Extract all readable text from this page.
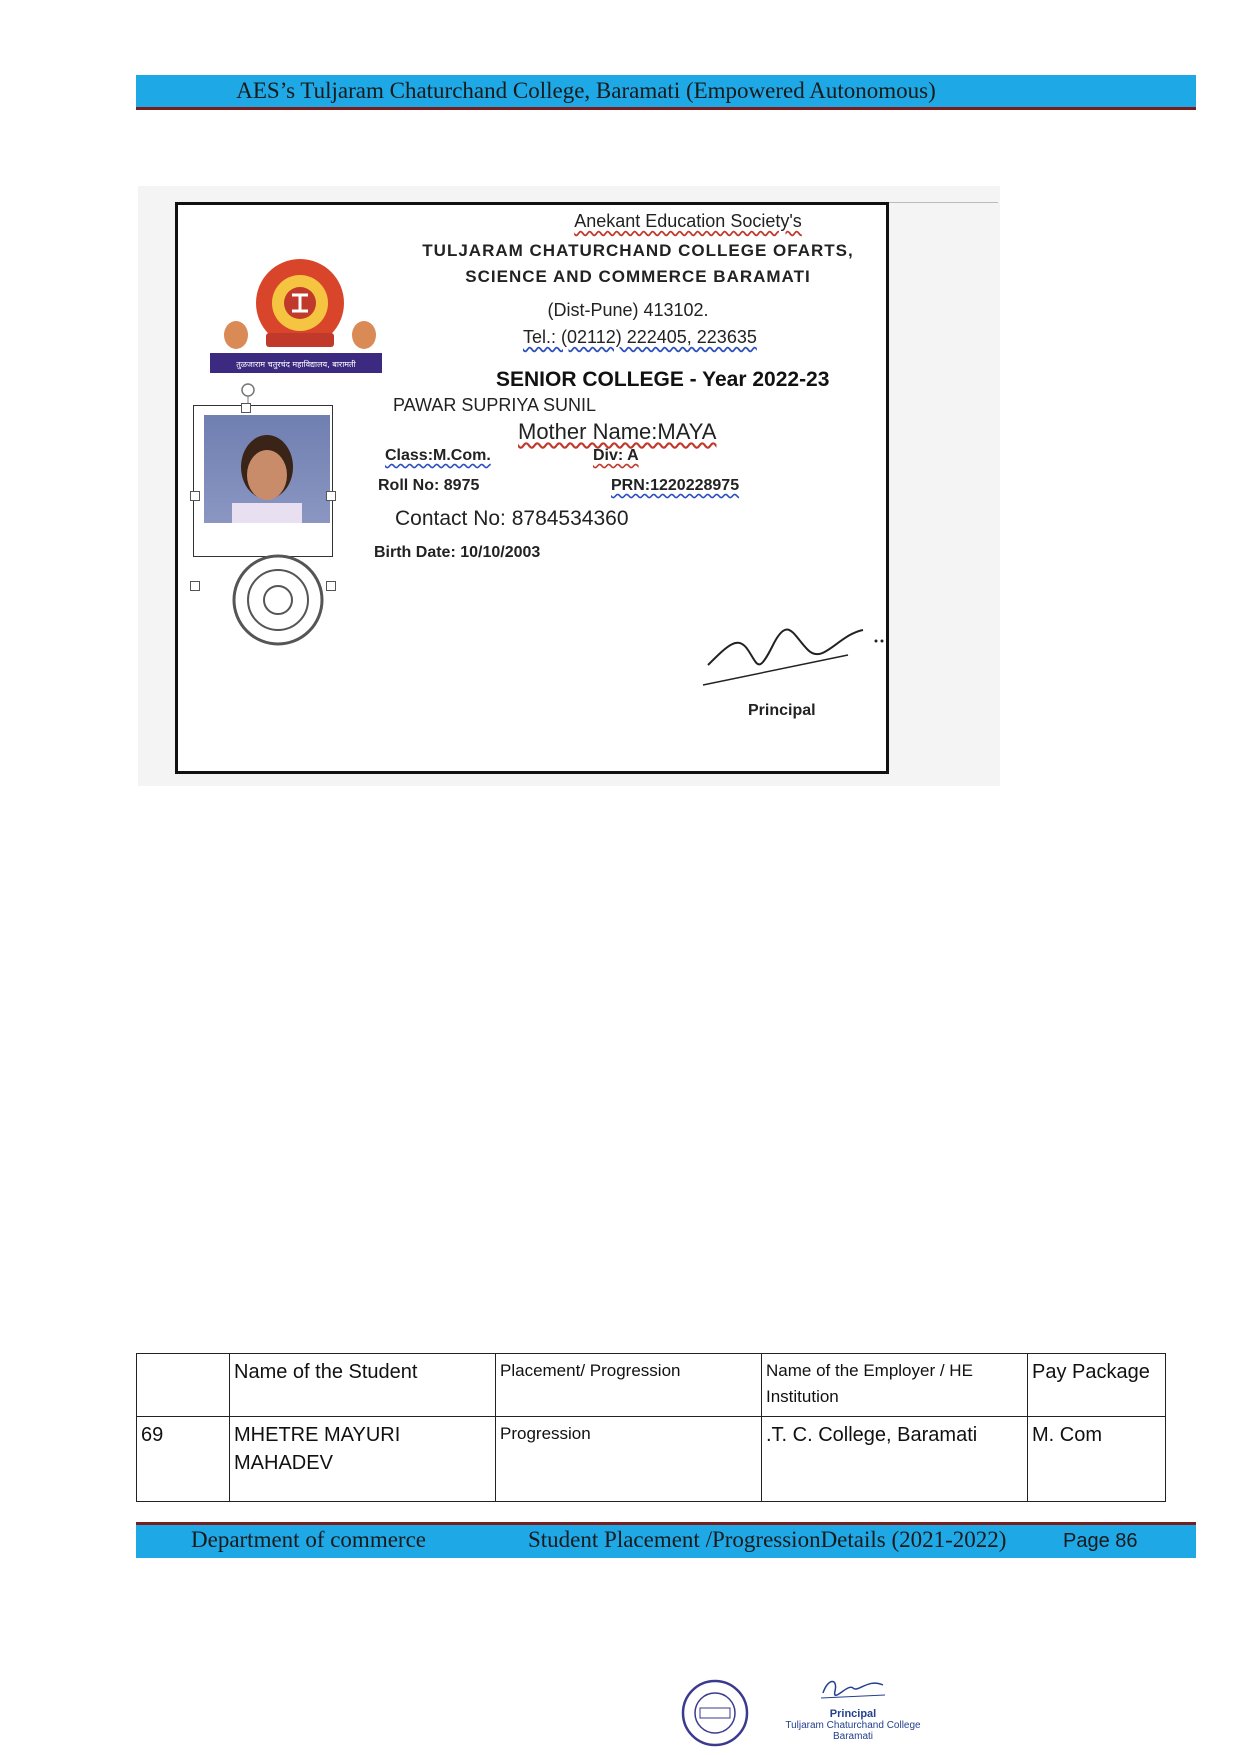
AES’s Tuljaram Chaturchand College, Baramati (Empowered Autonomous)
तुळजाराम चतुरचंद महाविद्यालय, बारामती
Anekant Education Society's
TULJARAM CHATURCHAND COLLEGE OFARTS,
SCIENCE AND COMMERCE BARAMATI
(Dist-Pune) 413102.
Tel.: (02112) 222405, 223635
SENIOR COLLEGE - Year 2022-23
PAWAR SUPRIYA SUNIL
Mother Name:MAYA
Class:M.Com.	Div: A
Roll No: 8975	PRN:1220228975
Contact No: 8784534360
Birth Date: 10/10/2003
Principal
	Name of the Student	Placement/ Progression	Name of the Employer / HE Institution	Pay Package
69	MHETRE MAYURI MAHADEV	Progression	.T. C. College, Baramati	M. Com
Department of commerce	Student Placement /ProgressionDetails (2021-2022)	Page 86
Principal
Tuljaram Chaturchand College
Baramati
